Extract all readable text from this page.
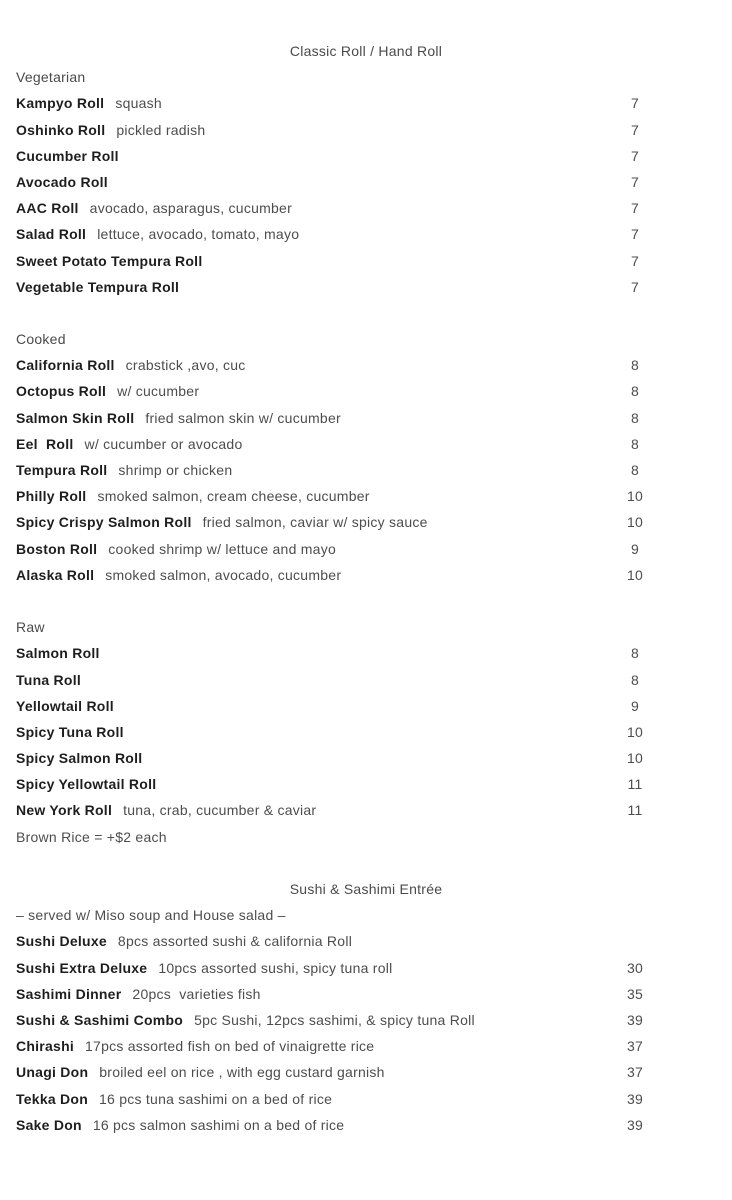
Classic Roll / Hand Roll
Vegetarian
Kampyo Roll squash	7
Oshinko Roll pickled radish	7
Cucumber Roll	7
Avocado Roll	7
AAC Roll avocado, asparagus, cucumber	7
Salad Roll lettuce, avocado, tomato, mayo	7
Sweet Potato Tempura Roll	7
Vegetable Tempura Roll	7
Cooked
California Roll crabstick ,avo, cuc	8
Octopus Roll w/ cucumber	8
Salmon Skin Roll fried salmon skin w/ cucumber	8
Eel  Roll w/ cucumber or avocado	8
Tempura Roll shrimp or chicken	8
Philly Roll smoked salmon, cream cheese, cucumber	10
Spicy Crispy Salmon Roll fried salmon, caviar w/ spicy sauce	10
Boston Roll cooked shrimp w/ lettuce and mayo	9
Alaska Roll smoked salmon, avocado, cucumber	10
Raw
Salmon Roll	8
Tuna Roll	8
Yellowtail Roll	9
Spicy Tuna Roll	10
Spicy Salmon Roll	10
Spicy Yellowtail Roll	11
New York Roll tuna, crab, cucumber & caviar	11
Brown Rice = +$2 each
Sushi & Sashimi Entrée
– served w/ Miso soup and House salad –
Sushi Deluxe 8pcs assorted sushi & california Roll
Sushi Extra Deluxe 10pcs assorted sushi, spicy tuna roll	30
Sashimi Dinner 20pcs  varieties fish	35
Sushi & Sashimi Combo 5pc Sushi, 12pcs sashimi, & spicy tuna Roll	39
Chirashi 17pcs assorted fish on bed of vinaigrette rice	37
Unagi Don broiled eel on rice , with egg custard garnish	37
Tekka Don 16 pcs tuna sashimi on a bed of rice	39
Sake Don 16 pcs salmon sashimi on a bed of rice	39
